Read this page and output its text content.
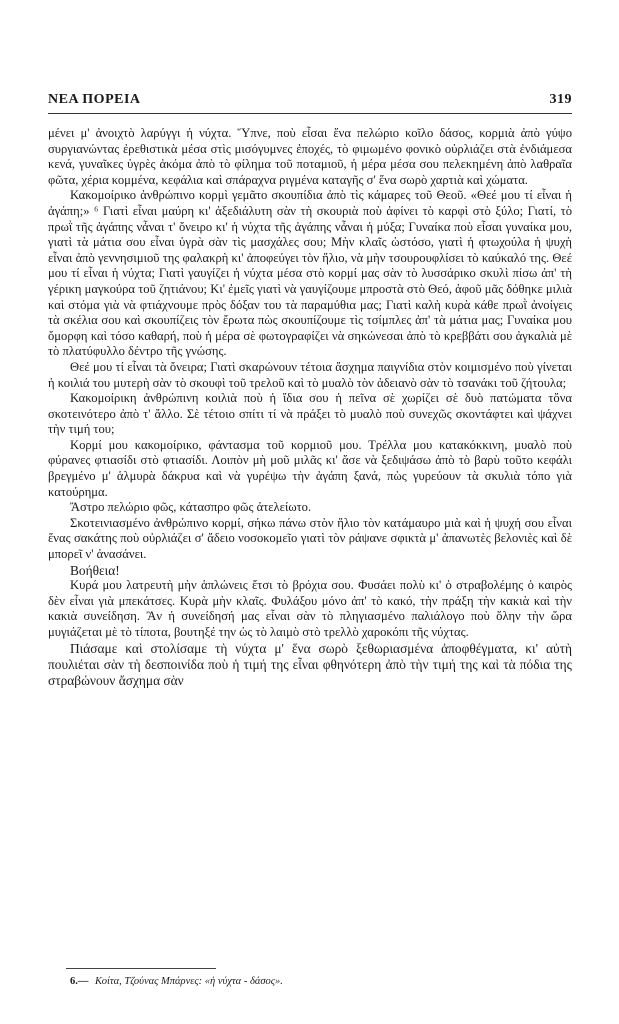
ΝΕΑ ΠΟΡΕΙΑ	319

μένει μ' ἀνοιχτὸ λαρύγγι ἡ νύχτα. Ὕπνε, ποὺ εἶσαι ἕνα πελώριο κοῖλο δάσος, κορμιὰ ἀπὸ γύψο συργιανώντας ἐρεθιστικὰ μέσα στὶς μισόγυμνες ἐποχές, τὸ φιμωμένο φονικὸ οὐρλιάζει στὰ ἐνδιάμεσα κενά, γυναῖκες ὑγρὲς ἀκόμα ἀπὸ τὸ φίλημα τοῦ ποταμιοῦ, ἡ μέρα μέσα σου πελεκημένη ἀπὸ λαθραῖα φῶτα, χέρια κομμένα, κεφάλια καὶ σπάραχνα ριγμένα καταγῆς σ' ἕνα σωρὸ χαρτιὰ καὶ χώματα.

Κακομοίρικο ἀνθρώπινο κορμὶ γεμᾶτο σκουπίδια ἀπὸ τὶς κάμαρες τοῦ Θεοῦ. «Θεέ μου τί εἶναι ἡ ἀγάπη;» ⁶ Γιατὶ εἶναι μαύρη κι' ἀξεδιάλυτη σὰν τὴ σκουριὰ ποὺ ἀφίνει τὸ καρφὶ στὸ ξύλο; Γιατί, τὸ πρωῒ τῆς ἀγάπης νἆναι τ' ὄνειρο κι' ἡ νύχτα τῆς ἀγάπης νἆναι ἡ μύξα; Γυναίκα ποὺ εἶσαι γυναίκα μου, γιατὶ τὰ μάτια σου εἶναι ὑγρὰ σὰν τὶς μασχάλες σου; Μὴν κλαῖς ὡστόσο, γιατὶ ἡ φτωχούλα ἡ ψυχὴ εἶναι ἀπὸ γεννησιμιοῦ της φαλακρὴ κι' ἀποφεύγει τὸν ἥλιο, νὰ μὴν τσουρουφλίσει τὸ καύκαλό της. Θεέ μου τί εἶναι ἡ νύχτα; Γιατὶ γαυγίζει ἡ νύχτα μέσα στὸ κορμί μας σὰν τὸ λυσσάρικο σκυλὶ πίσω ἀπ' τὴ γέρικη μαγκούρα τοῦ ζητιάνου; Κι' ἐμεῖς γιατὶ νὰ γαυγίζουμε μπροστὰ στὸ Θεό, ἀφοῦ μᾶς δόθηκε μιλιὰ καὶ στόμα γιὰ νὰ φτιάχνουμε πρὸς δόξαν του τὰ παραμύθια μας; Γιατὶ καλὴ κυρὰ κάθε πρωῒ ἀνοίγεις τὰ σκέλια σου καὶ σκουπίζεις τὸν ἔρωτα πὼς σκουπίζουμε τὶς τσίμπλες ἀπ' τὰ μάτια μας; Γυναίκα μου ὄμορφη καὶ τόσο καθαρή, ποὺ ἡ μέρα σὲ φωτογραφίζει νὰ σηκώνεσαι ἀπὸ τὸ κρεββάτι σου ἀγκαλιὰ μὲ τὸ πλατύφυλλο δέντρο τῆς γνώσης.

Θεέ μου τί εἶναι τὰ ὄνειρα; Γιατὶ σκαρώνουν τέτοια ἄσχημα παιγνίδια στὸν κοιμισμένο ποὺ γίνεται ἡ κοιλιά του μυτερὴ σὰν τὸ σκουφὶ τοῦ τρελοῦ καὶ τὸ μυαλὸ τὸν ἀδειανὸ σὰν τὸ τσανάκι τοῦ ζήτουλα;

Κακομοίρικη ἀνθρώπινη κοιλιὰ ποὺ ἡ ἴδια σου ἡ πεῖνα σὲ χωρίζει σὲ δυὸ πατώματα τὄνα σκοτεινότερο ἀπὸ τ' ἄλλο. Σὲ τέτοιο σπίτι τί νὰ πράξει τὸ μυαλὸ ποὺ συνεχῶς σκοντάφτει καὶ ψάχνει τὴν τιμή του;

Κορμί μου κακομοίρικο, φάντασμα τοῦ κορμιοῦ μου. Τρέλλα μου κατακόκκινη, μυαλὸ ποὺ φύρανες φτιασίδι στὸ φτιασίδι. Λοιπὸν μὴ μοῦ μιλᾶς κι' ἄσε νὰ ξεδιψάσω ἀπὸ τὸ βαρὺ τοῦτο κεφάλι βρεγμένο μ' ἁλμυρὰ δάκρυα καὶ νὰ γυρέψω τὴν ἀγάπη ξανά, πὼς γυρεύουν τὰ σκυλιὰ τόπο γιὰ κατούρημα.

Ἄστρο πελώριο φῶς, κάτασπρο φῶς ἀτελείωτο.

Σκοτεινιασμένο ἀνθρώπινο κορμί, σήκω πάνω στὸν ἥλιο τὸν κατάμαυρο μιὰ καὶ ἡ ψυχή σου εἶναι ἕνας σακάτης ποὺ οὐρλιάζει σ' ἄδειο νοσοκομεῖο γιατὶ τὸν ράψανε σφικτὰ μ' ἀπανωτὲς βελονιὲς καὶ δὲ μπορεῖ ν' ἀνασάνει.

Βοήθεια!

Κυρά μου λατρευτὴ μὴν ἁπλώνεις ἔτσι τὸ βρόχια σου. Φυσάει πολὺ κι' ὁ στραβολέμης ὁ καιρὸς δὲν εἶναι γιὰ μπεκάτσες. Κυρὰ μὴν κλαῖς. Φυλάξου μόνο ἀπ' τὸ κακό, τὴν πράξη τὴν κακιὰ καὶ τὴν κακιὰ συνείδηση. Ἂν ἡ συνείδησή μας εἶναι σὰν τὸ πληγιασμένο παλιάλογο ποὺ ὅλην τὴν ὥρα μυγιάζεται μὲ τὸ τίποτα, βουτηξέ την ὡς τὸ λαιμὸ στὸ τρελλὸ χαροκόπι τῆς νύχτας.

Πιάσαμε καὶ στολίσαμε τὴ νύχτα μ' ἕνα σωρὸ ξεθωριασμένα ἀποφθέγματα, κι' αὐτὴ πουλιέται σὰν τὴ δεσποινίδα ποὺ ἡ τιμή της εἶναι φθηνότερη ἀπὸ τὴν τιμή της καὶ τὰ πόδια της στραβώνουν ἄσχημα σὰν

6.— Κοίτα, Τζούνας Μπάρνες: «ἡ νύχτα - δάσος».
